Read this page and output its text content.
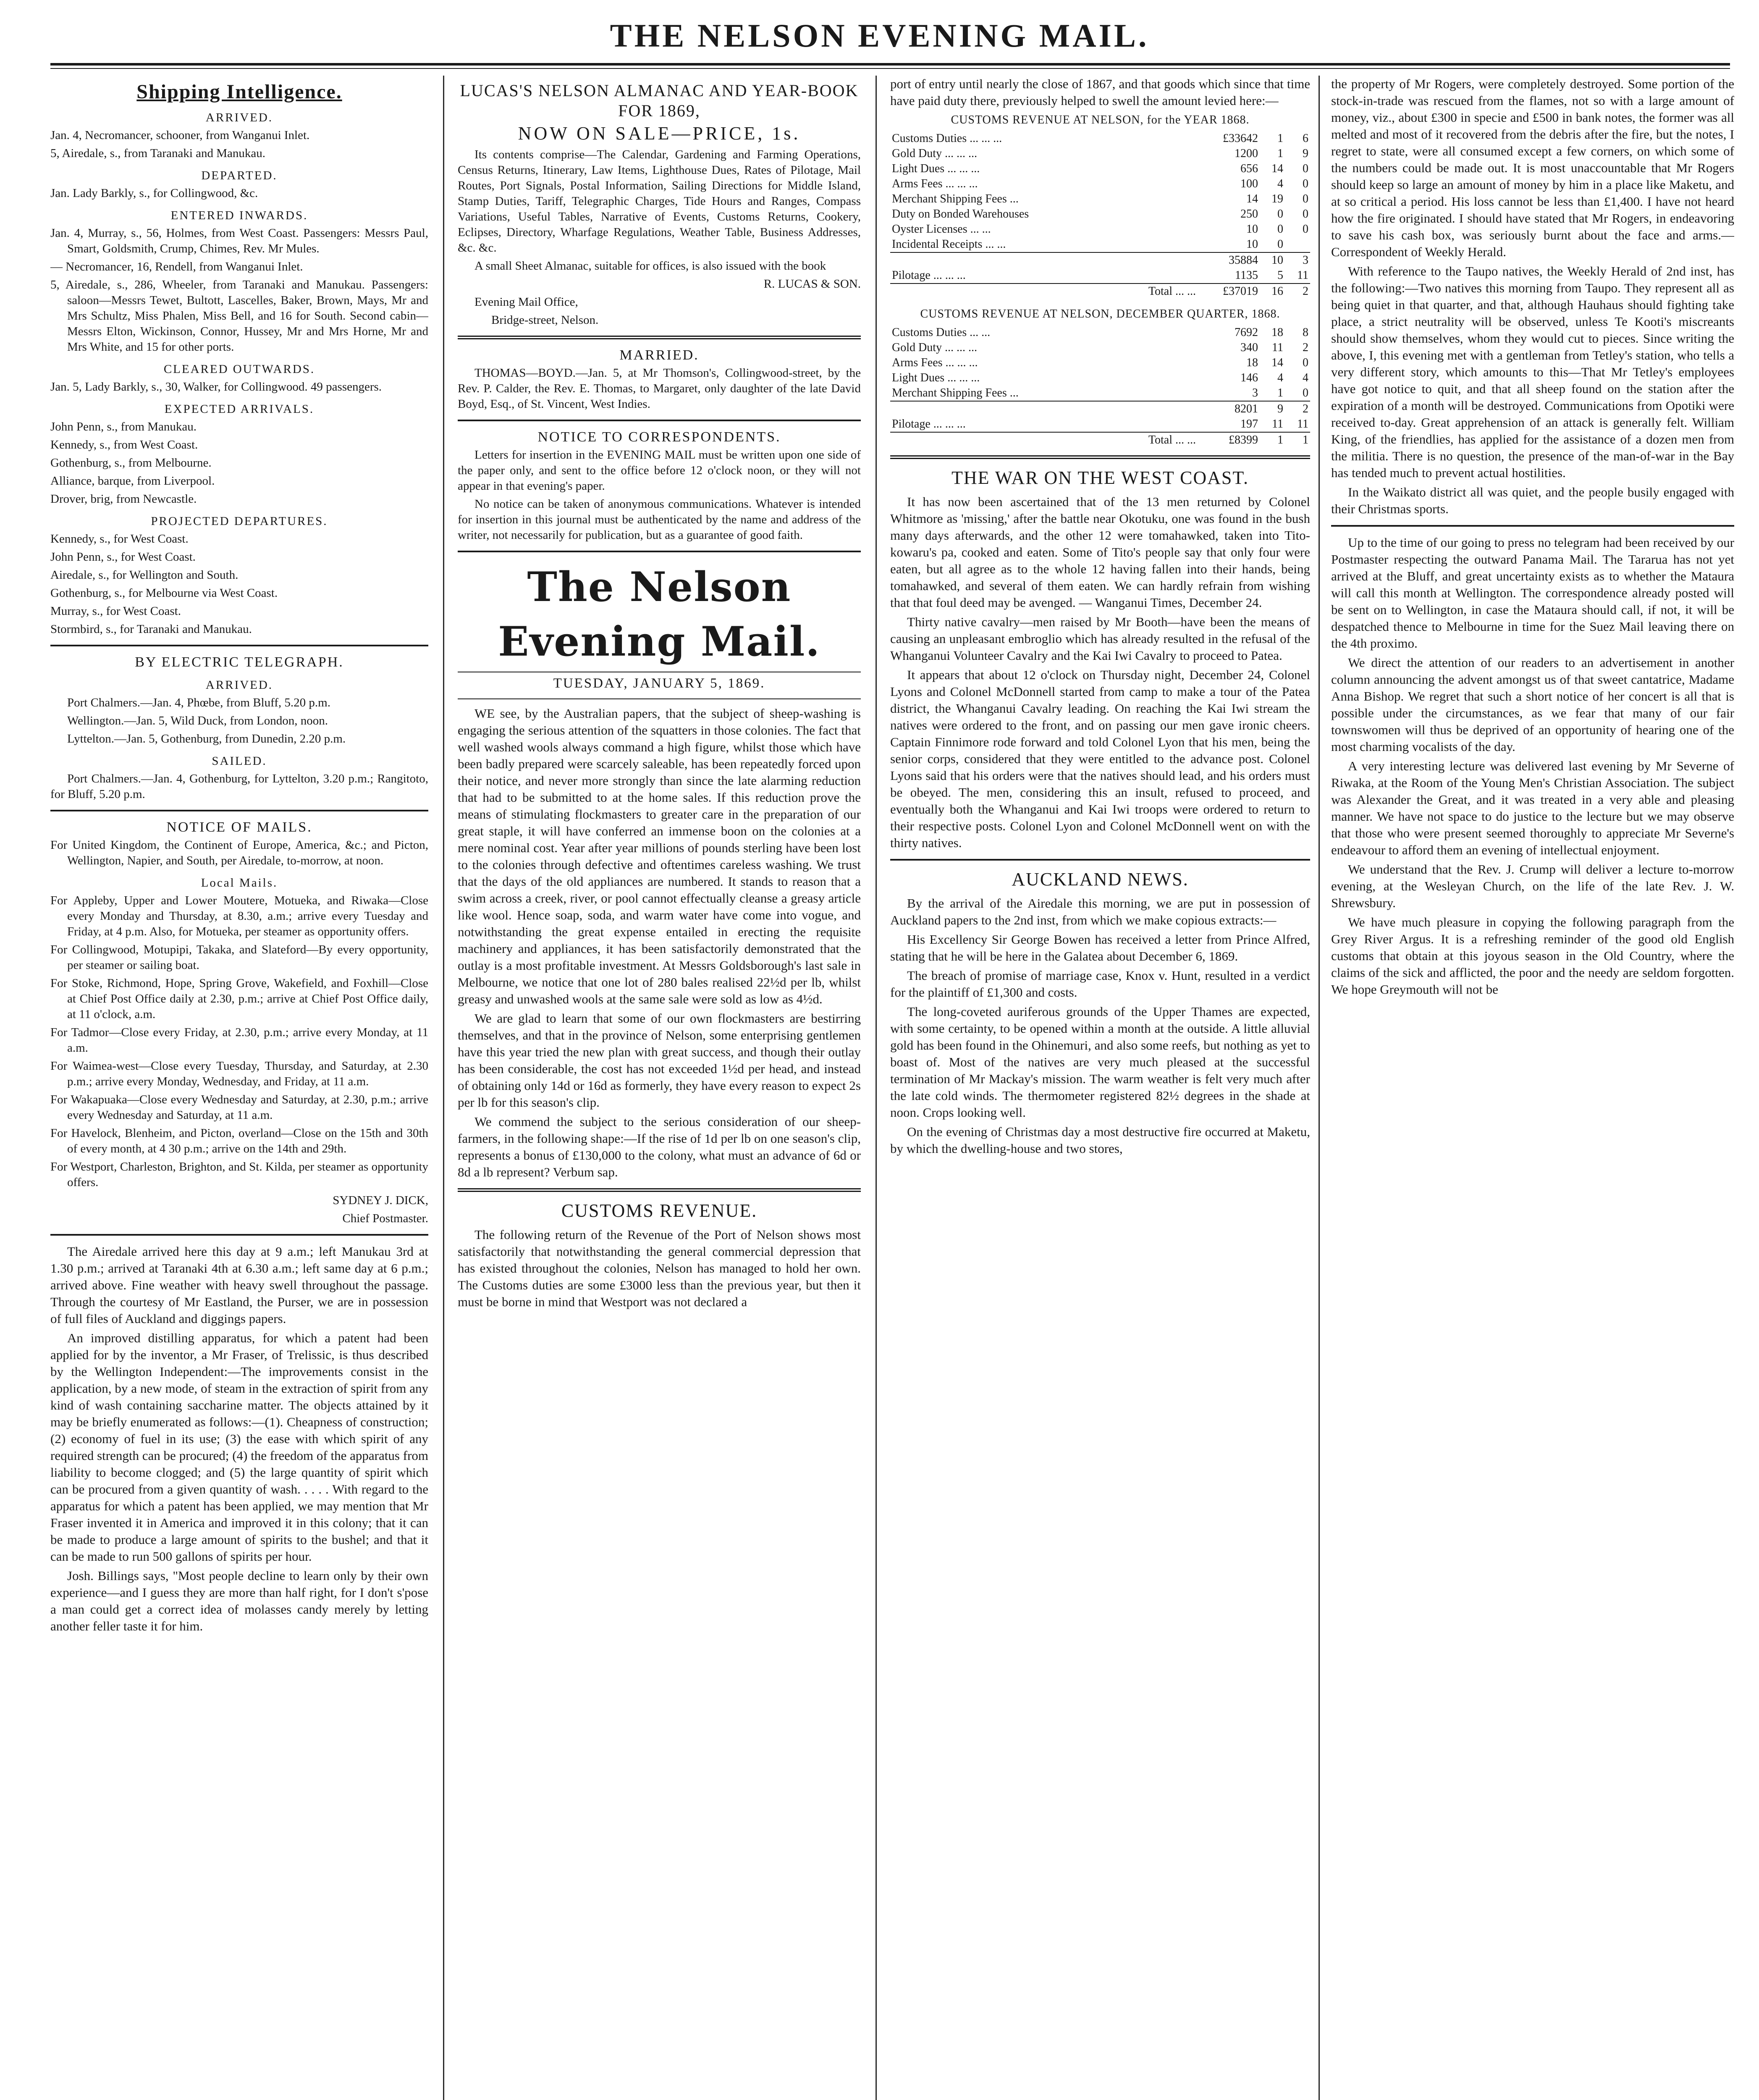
THE NELSON EVENING MAIL.
Shipping Intelligence.
ARRIVED.

Jan. 4, Necromancer, schooner, from Wanganui Inlet.

5, Airedale, s., from Taranaki and Manukau.

DEPARTED.

Jan. Lady Barkly, s., for Collingwood, &c.

ENTERED INWARDS.

Jan. 4, Murray, s., 56, Holmes, from West Coast. Passengers: Messrs Paul, Smart, Goldsmith, Crump, Chimes, Rev. Mr Mules.

— Necromancer, 16, Rendell, from Wanganui Inlet.

5, Airedale, s., 286, Wheeler, from Taranaki and Manukau. Passengers: saloon—Messrs Tewet, Bultott, Lascelles, Baker, Brown, Mays, Mr and Mrs Schultz, Miss Phalen, Miss Bell, and 16 for South. Second cabin—Messrs Elton, Wickinson, Connor, Hussey, Mr and Mrs Horne, Mr and Mrs White, and 15 for other ports.

CLEARED OUTWARDS.

Jan. 5, Lady Barkly, s., 30, Walker, for Collingwood. 49 passengers.

EXPECTED ARRIVALS.

John Penn, s., from Manukau.

Kennedy, s., from West Coast.

Gothenburg, s., from Melbourne.

Alliance, barque, from Liverpool.

Drover, brig, from Newcastle.

PROJECTED DEPARTURES.

Kennedy, s., for West Coast.

John Penn, s., for West Coast.

Airedale, s., for Wellington and South.

Gothenburg, s., for Melbourne via West Coast.

Murray, s., for West Coast.

Stormbird, s., for Taranaki and Manukau.

BY ELECTRIC TELEGRAPH.
ARRIVED.

Port Chalmers.—Jan. 4, Phœbe, from Bluff, 5.20 p.m.

Wellington.—Jan. 5, Wild Duck, from London, noon.

Lyttelton.—Jan. 5, Gothenburg, from Dunedin, 2.20 p.m.

SAILED.

Port Chalmers.—Jan. 4, Gothenburg, for Lyttelton, 3.20 p.m.; Rangitoto, for Bluff, 5.20 p.m.

NOTICE OF MAILS.

For United Kingdom, the Continent of Europe, America, &c.; and Picton, Wellington, Napier, and South, per Airedale, to-morrow, at noon.

Local Mails.

For Appleby, Upper and Lower Moutere, Motueka, and Riwaka—Close every Monday and Thursday, at 8.30, a.m.; arrive every Tuesday and Friday, at 4 p.m. Also, for Motueka, per steamer as opportunity offers.

For Collingwood, Motupipi, Takaka, and Slateford—By every opportunity, per steamer or sailing boat.

For Stoke, Richmond, Hope, Spring Grove, Wakefield, and Foxhill—Close at Chief Post Office daily at 2.30, p.m.; arrive at Chief Post Office daily, at 11 o'clock, a.m.

For Tadmor—Close every Friday, at 2.30, p.m.; arrive every Monday, at 11 a.m.

For Waimea-west—Close every Tuesday, Thursday, and Saturday, at 2.30 p.m.; arrive every Monday, Wednesday, and Friday, at 11 a.m.

For Wakapuaka—Close every Wednesday and Saturday, at 2.30, p.m.; arrive every Wednesday and Saturday, at 11 a.m.

For Havelock, Blenheim, and Picton, overland—Close on the 15th and 30th of every month, at 4 30 p.m.; arrive on the 14th and 29th.

For Westport, Charleston, Brighton, and St. Kilda, per steamer as opportunity offers.

SYDNEY J. DICK,

Chief Postmaster.

The Airedale arrived here this day at 9 a.m.; left Manukau 3rd at 1.30 p.m.; arrived at Taranaki 4th at 6.30 a.m.; left same day at 6 p.m.; arrived above. Fine weather with heavy swell throughout the passage. Through the courtesy of Mr Eastland, the Purser, we are in possession of full files of Auckland and diggings papers.

An improved distilling apparatus, for which a patent had been applied for by the inventor, a Mr Fraser, of Trelissic, is thus described by the Wellington Independent:—The improvements consist in the application, by a new mode, of steam in the extraction of spirit from any kind of wash containing saccharine matter. The objects attained by it may be briefly enumerated as follows:—(1). Cheapness of construction; (2) economy of fuel in its use; (3) the ease with which spirit of any required strength can be procured; (4) the freedom of the apparatus from liability to become clogged; and (5) the large quantity of spirit which can be procured from a given quantity of wash. . . . . With regard to the apparatus for which a patent has been applied, we may mention that Mr Fraser invented it in America and improved it in this colony; that it can be made to produce a large amount of spirits to the bushel; and that it can be made to run 500 gallons of spirits per hour.

Josh. Billings says, "Most people decline to learn only by their own experience—and I guess they are more than half right, for I don't s'pose a man could get a correct idea of molasses candy merely by letting another feller taste it for him.

LUCAS'S NELSON ALMANAC AND YEAR-BOOK FOR 1869,
NOW ON SALE—PRICE, 1s.

Its contents comprise—The Calendar, Gardening and Farming Operations, Census Returns, Itinerary, Law Items, Lighthouse Dues, Rates of Pilotage, Mail Routes, Port Signals, Postal Information, Sailing Directions for Middle Island, Stamp Duties, Tariff, Telegraphic Charges, Tide Hours and Ranges, Compass Variations, Useful Tables, Narrative of Events, Customs Returns, Cookery, Eclipses, Directory, Wharfage Regulations, Weather Table, Business Addresses, &c. &c.

A small Sheet Almanac, suitable for offices, is also issued with the book

R. LUCAS & SON.

Evening Mail Office,

Bridge-street, Nelson.

MARRIED.

THOMAS—BOYD.—Jan. 5, at Mr Thomson's, Collingwood-street, by the Rev. P. Calder, the Rev. E. Thomas, to Margaret, only daughter of the late David Boyd, Esq., of St. Vincent, West Indies.

NOTICE TO CORRESPONDENTS.

Letters for insertion in the EVENING MAIL must be written upon one side of the paper only, and sent to the office before 12 o'clock noon, or they will not appear in that evening's paper.

No notice can be taken of anonymous communications. Whatever is intended for insertion in this journal must be authenticated by the name and address of the writer, not necessarily for publication, but as a guarantee of good faith.

The Nelson Evening Mail.
TUESDAY, JANUARY 5, 1869.

WE see, by the Australian papers, that the subject of sheep-washing is engaging the serious attention of the squatters in those colonies. The fact that well washed wools always command a high figure, whilst those which have been badly prepared were scarcely saleable, has been repeatedly forced upon their notice, and never more strongly than since the late alarming reduction that had to be submitted to at the home sales. If this reduction prove the means of stimulating flockmasters to greater care in the preparation of our great staple, it will have conferred an immense boon on the colonies at a mere nominal cost. Year after year millions of pounds sterling have been lost to the colonies through defective and oftentimes careless washing. We trust that the days of the old appliances are numbered. It stands to reason that a swim across a creek, river, or pool cannot effectually cleanse a greasy article like wool. Hence soap, soda, and warm water have come into vogue, and notwithstanding the great expense entailed in erecting the requisite machinery and appliances, it has been satisfactorily demonstrated that the outlay is a most profitable investment. At Messrs Goldsborough's last sale in Melbourne, we notice that one lot of 280 bales realised 22½d per lb, whilst greasy and unwashed wools at the same sale were sold as low as 4½d.

We are glad to learn that some of our own flockmasters are bestirring themselves, and that in the province of Nelson, some enterprising gentlemen have this year tried the new plan with great success, and though their outlay has been considerable, the cost has not exceeded 1½d per head, and instead of obtaining only 14d or 16d as formerly, they have every reason to expect 2s per lb for this season's clip.

We commend the subject to the serious consideration of our sheep-farmers, in the following shape:—If the rise of 1d per lb on one season's clip, represents a bonus of £130,000 to the colony, what must an advance of 6d or 8d a lb represent? Verbum sap.

CUSTOMS REVENUE.

The following return of the Revenue of the Port of Nelson shows most satisfactorily that notwithstanding the general commercial depression that has existed throughout the colonies, Nelson has managed to hold her own. The Customs duties are some £3000 less than the previous year, but then it must be borne in mind that Westport was not declared a

port of entry until nearly the close of 1867, and that goods which since that time have paid duty there, previously helped to swell the amount levied here:—

CUSTOMS REVENUE AT NELSON, for the YEAR 1868.

Customs Duties ... ... ...	£33642	1	6
Gold Duty ... ... ...	1200	1	9
Light Dues ... ... ...	656	14	0
Arms Fees ... ... ...	100	4	0
Merchant Shipping Fees ...	14	19	0
Duty on Bonded Warehouses	250	0	0
Oyster Licenses ... ...	10	0	0
Incidental Receipts ... ...	10	0	
	35884	10	3
Pilotage ... ... ...	1135	5	11
Total ... ...	£37019	16	2

CUSTOMS REVENUE AT NELSON, DECEMBER QUARTER, 1868.

Customs Duties ... ...	7692	18	8
Gold Duty ... ... ...	340	11	2
Arms Fees ... ... ...	18	14	0
Light Dues ... ... ...	146	4	4
Merchant Shipping Fees ...	3	1	0
	8201	9	2
Pilotage ... ... ...	197	11	11
Total ... ...	£8399	1	1
THE WAR ON THE WEST COAST.

It has now been ascertained that of the 13 men returned by Colonel Whitmore as 'missing,' after the battle near Okotuku, one was found in the bush many days afterwards, and the other 12 were tomahawked, taken into Tito-kowaru's pa, cooked and eaten. Some of Tito's people say that only four were eaten, but all agree as to the whole 12 having fallen into their hands, being tomahawked, and several of them eaten. We can hardly refrain from wishing that that foul deed may be avenged. — Wanganui Times, December 24.

Thirty native cavalry—men raised by Mr Booth—have been the means of causing an unpleasant embroglio which has already resulted in the refusal of the Whanganui Volunteer Cavalry and the Kai Iwi Cavalry to proceed to Patea.

It appears that about 12 o'clock on Thursday night, December 24, Colonel Lyons and Colonel McDonnell started from camp to make a tour of the Patea district, the Whanganui Cavalry leading. On reaching the Kai Iwi stream the natives were ordered to the front, and on passing our men gave ironic cheers. Captain Finnimore rode forward and told Colonel Lyon that his men, being the senior corps, considered that they were entitled to the advance post. Colonel Lyons said that his orders were that the natives should lead, and his orders must be obeyed. The men, considering this an insult, refused to proceed, and eventually both the Whanganui and Kai Iwi troops were ordered to return to their respective posts. Colonel Lyon and Colonel McDonnell went on with the thirty natives.

AUCKLAND NEWS.

By the arrival of the Airedale this morning, we are put in possession of Auckland papers to the 2nd inst, from which we make copious extracts:—

His Excellency Sir George Bowen has received a letter from Prince Alfred, stating that he will be here in the Galatea about December 6, 1869.

The breach of promise of marriage case, Knox v. Hunt, resulted in a verdict for the plaintiff of £1,300 and costs.

The long-coveted auriferous grounds of the Upper Thames are expected, with some certainty, to be opened within a month at the outside. A little alluvial gold has been found in the Ohinemuri, and also some reefs, but nothing as yet to boast of. Most of the natives are very much pleased at the successful termination of Mr Mackay's mission. The warm weather is felt very much after the late cold winds. The thermometer registered 82½ degrees in the shade at noon. Crops looking well.

On the evening of Christmas day a most destructive fire occurred at Maketu, by which the dwelling-house and two stores,

the property of Mr Rogers, were completely destroyed. Some portion of the stock-in-trade was rescued from the flames, not so with a large amount of money, viz., about £300 in specie and £500 in bank notes, the former was all melted and most of it recovered from the debris after the fire, but the notes, I regret to state, were all consumed except a few corners, on which some of the numbers could be made out. It is most unaccountable that Mr Rogers should keep so large an amount of money by him in a place like Maketu, and at so critical a period. His loss cannot be less than £1,400. I have not heard how the fire originated. I should have stated that Mr Rogers, in endeavoring to save his cash box, was seriously burnt about the face and arms.—Correspondent of Weekly Herald.

With reference to the Taupo natives, the Weekly Herald of 2nd inst, has the following:—Two natives this morning from Taupo. They represent all as being quiet in that quarter, and that, although Hauhaus should fighting take place, a strict neutrality will be observed, unless Te Kooti's miscreants should show themselves, whom they would cut to pieces. Since writing the above, I, this evening met with a gentleman from Tetley's station, who tells a very different story, which amounts to this—That Mr Tetley's employees have got notice to quit, and that all sheep found on the station after the expiration of a month will be destroyed. Communications from Opotiki were received to-day. Great apprehension of an attack is generally felt. William King, of the friendlies, has applied for the assistance of a dozen men from the militia. There is no question, the presence of the man-of-war in the Bay has tended much to prevent actual hostilities.

In the Waikato district all was quiet, and the people busily engaged with their Christmas sports.

Up to the time of our going to press no telegram had been received by our Postmaster respecting the outward Panama Mail. The Tararua has not yet arrived at the Bluff, and great uncertainty exists as to whether the Mataura will call this month at Wellington. The correspondence already posted will be sent on to Wellington, in case the Mataura should call, if not, it will be despatched thence to Melbourne in time for the Suez Mail leaving there on the 4th proximo.

We direct the attention of our readers to an advertisement in another column announcing the advent amongst us of that sweet cantatrice, Madame Anna Bishop. We regret that such a short notice of her concert is all that is possible under the circumstances, as we fear that many of our fair townswomen will thus be deprived of an opportunity of hearing one of the most charming vocalists of the day.

A very interesting lecture was delivered last evening by Mr Severne of Riwaka, at the Room of the Young Men's Christian Association. The subject was Alexander the Great, and it was treated in a very able and pleasing manner. We have not space to do justice to the lecture but we may observe that those who were present seemed thoroughly to appreciate Mr Severne's endeavour to afford them an evening of intellectual enjoyment.

We understand that the Rev. J. Crump will deliver a lecture to-morrow evening, at the Wesleyan Church, on the life of the late Rev. J. W. Shrewsbury.

We have much pleasure in copying the following paragraph from the Grey River Argus. It is a refreshing reminder of the good old English customs that obtain at this joyous season in the Old Country, where the claims of the sick and afflicted, the poor and the needy are seldom forgotten. We hope Greymouth will not be
